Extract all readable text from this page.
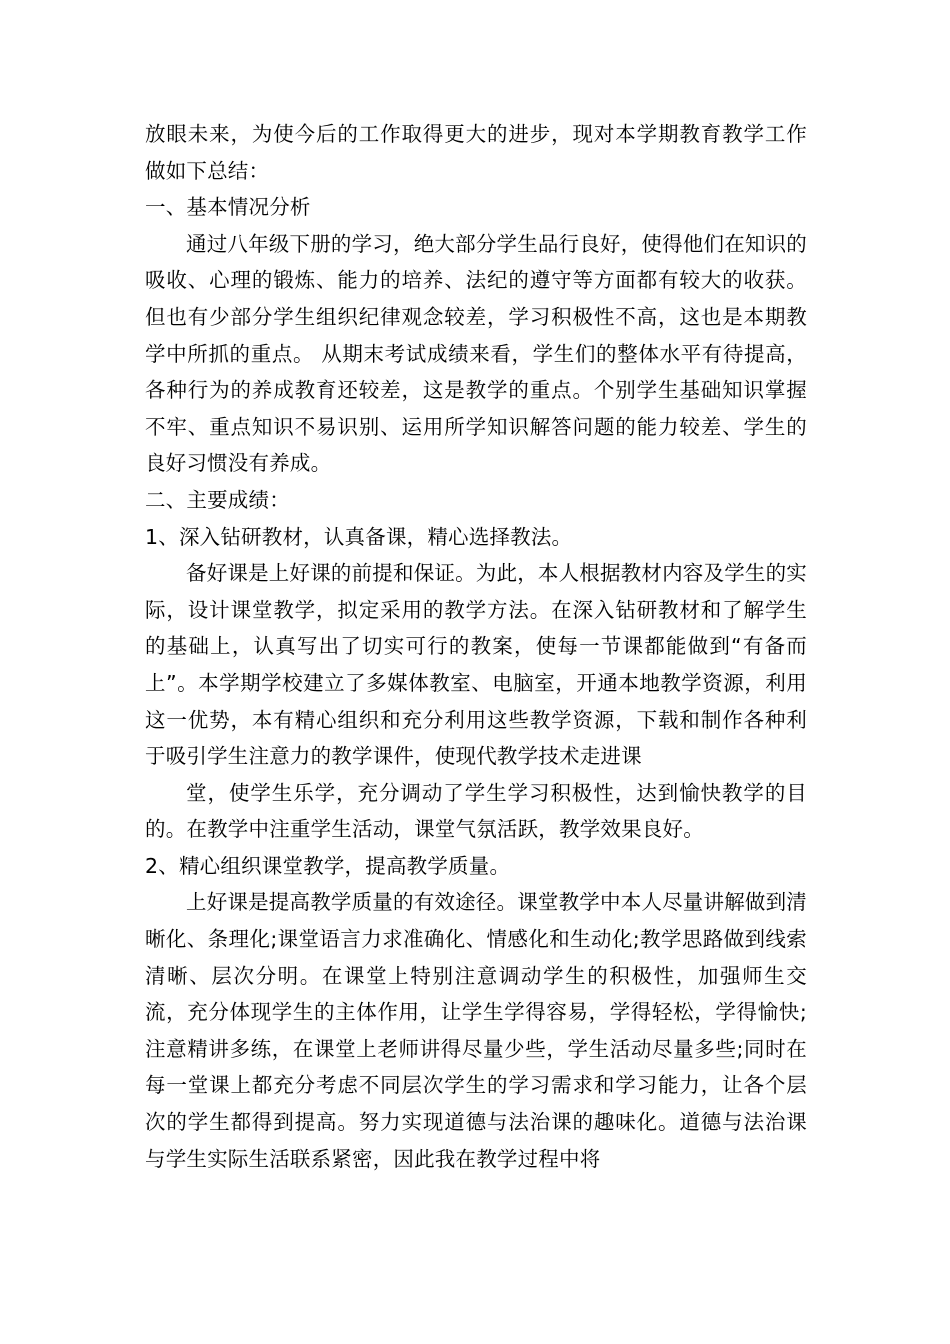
放眼未来，为使今后的工作取得更大的进步，现对本学期教育教学工作做如下总结：

一、基本情况分析

通过八年级下册的学习，绝大部分学生品行良好，使得他们在知识的吸收、心理的锻炼、能力的培养、法纪的遵守等方面都有较大的收获。但也有少部分学生组织纪律观念较差，学习积极性不高，这也是本期教学中所抓的重点。 从期末考试成绩来看，学生们的整体水平有待提高，各种行为的养成教育还较差，这是教学的重点。个别学生基础知识掌握不牢、重点知识不易识别、运用所学知识解答问题的能力较差、学生的良好习惯没有养成。

二、主要成绩：

1、深入钻研教材，认真备课，精心选择教法。

备好课是上好课的前提和保证。为此，本人根据教材内容及学生的实际，设计课堂教学，拟定采用的教学方法。在深入钻研教材和了解学生的基础上，认真写出了切实可行的教案，使每一节课都能做到“有备而上”。本学期学校建立了多媒体教室、电脑室，开通本地教学资源，利用这一优势，本有精心组织和充分利用这些教学资源，下载和制作各种利于吸引学生注意力的教学课件，使现代教学技术走进课

堂，使学生乐学，充分调动了学生学习积极性，达到愉快教学的目的。在教学中注重学生活动，课堂气氛活跃，教学效果良好。

2、精心组织课堂教学，提高教学质量。

上好课是提高教学质量的有效途径。课堂教学中本人尽量讲解做到清晰化、条理化;课堂语言力求准确化、情感化和生动化;教学思路做到线索清晰、层次分明。在课堂上特别注意调动学生的积极性，加强师生交流，充分体现学生的主体作用，让学生学得容易，学得轻松，学得愉快;注意精讲多练，在课堂上老师讲得尽量少些，学生活动尽量多些;同时在每一堂课上都充分考虑不同层次学生的学习需求和学习能力，让各个层次的学生都得到提高。努力实现道德与法治课的趣味化。道德与法治课与学生实际生活联系紧密，因此我在教学过程中将
